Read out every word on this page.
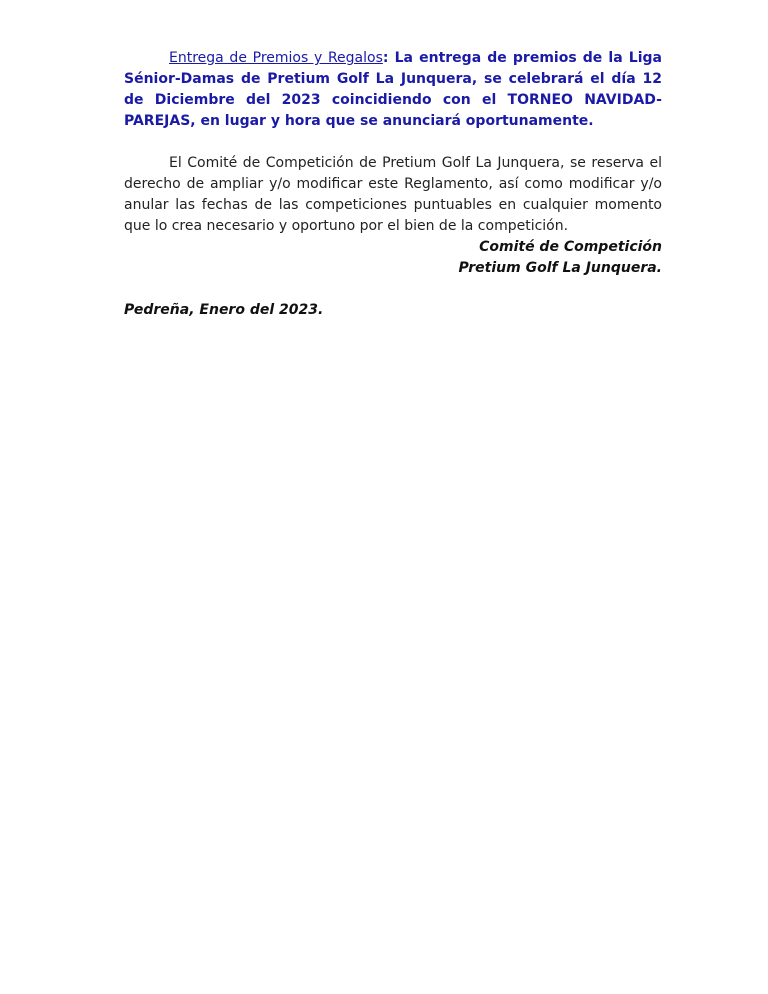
Entrega de Premios y Regalos: La entrega de premios de la Liga Sénior-Damas de Pretium Golf La Junquera, se celebrará el día 12 de Diciembre del 2023 coincidiendo con el TORNEO NAVIDAD-PAREJAS, en lugar y hora que se anunciará oportunamente.

El Comité de Competición de Pretium Golf La Junquera, se reserva el derecho de ampliar y/o modificar este Reglamento, así como modificar y/o anular las fechas de las competiciones puntuables en cualquier momento que lo crea necesario y oportuno por el bien de la competición.

Comité de Competición

Pretium Golf La Junquera.

Pedreña, Enero del 2023.
